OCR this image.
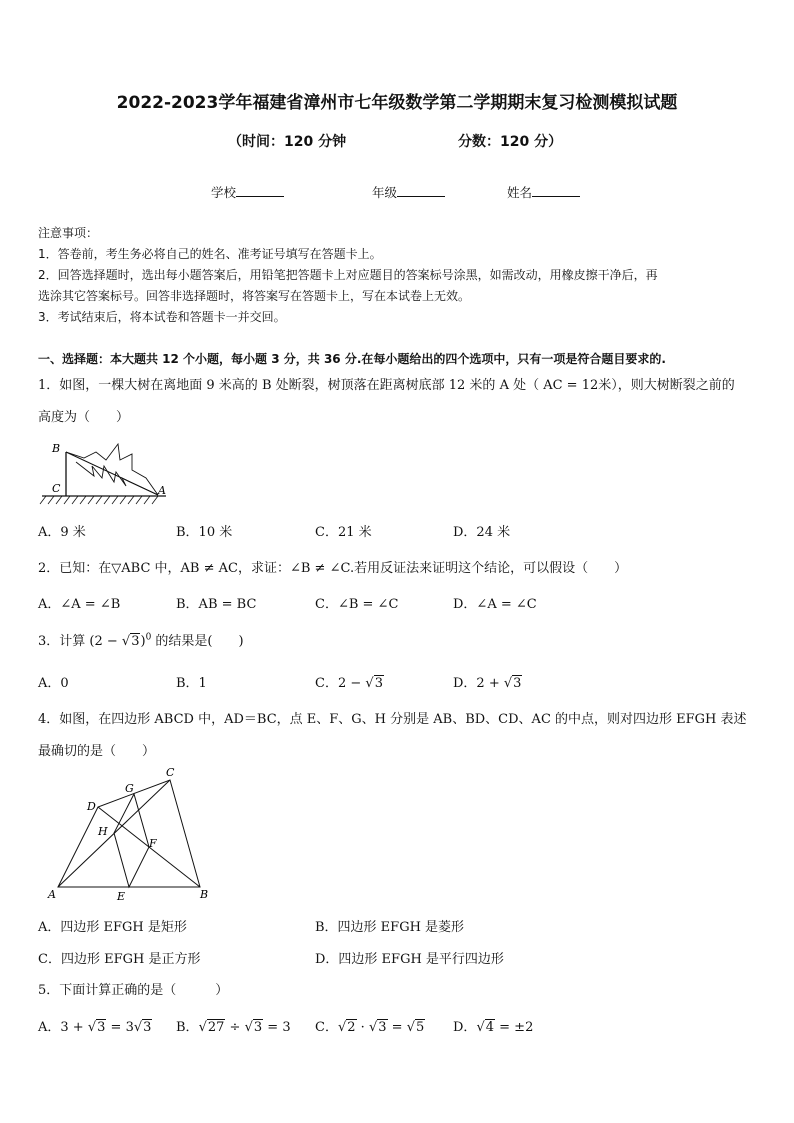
2022-2023学年福建省漳州市七年级数学第二学期期末复习检测模拟试题
（时间：120 分钟	分数：120 分）
学校	年级	姓名
注意事项：
1．答卷前，考生务必将自己的姓名、准考证号填写在答题卡上。
2．回答选择题时，选出每小题答案后，用铅笔把答题卡上对应题目的答案标号涂黑，如需改动，用橡皮擦干净后，再
选涂其它答案标号。回答非选择题时，将答案写在答题卡上，写在本试卷上无效。
3．考试结束后，将本试卷和答题卡一并交回。
一、选择题：本大题共 12 个小题，每小题 3 分，共 36 分.在每小题给出的四个选项中，只有一项是符合题目要求的.
1．如图，一棵大树在离地面 9 米高的 B 处断裂，树顶落在距离树底部 12 米的 A 处（ AC = 12米），则大树断裂之前的
高度为（　　）
B
C	A
A．9 米	B．10 米	C．21 米	D．24 米
2．已知：在▽ABC 中，AB ≠ AC，求证：∠B ≠ ∠C.若用反证法来证明这个结论，可以假设（　　）
A．∠A = ∠B	B．AB = BC	C．∠B = ∠C	D．∠A = ∠C
3．计算 $(2 - √3)^0$ 的结果是(　　)
A．0	B．1	C．2 − √3	D．2 + √3
4．如图，在四边形 ABCD 中，AD＝BC，点 E、F、G、H 分别是 AB、BD、CD、AC 的中点，则对四边形 EFGH 表述
最确切的是（　　）
A	B
C
D
E
F
G
H
A．四边形 EFGH 是矩形	B．四边形 EFGH 是菱形
C．四边形 EFGH 是正方形	D．四边形 EFGH 是平行四边形
5．下面计算正确的是（　　　）
A．3 + √3 = 3√3 B．√27 ÷ √3 = 3 C．√2 · √3 = √5 D．√4 = ±2
